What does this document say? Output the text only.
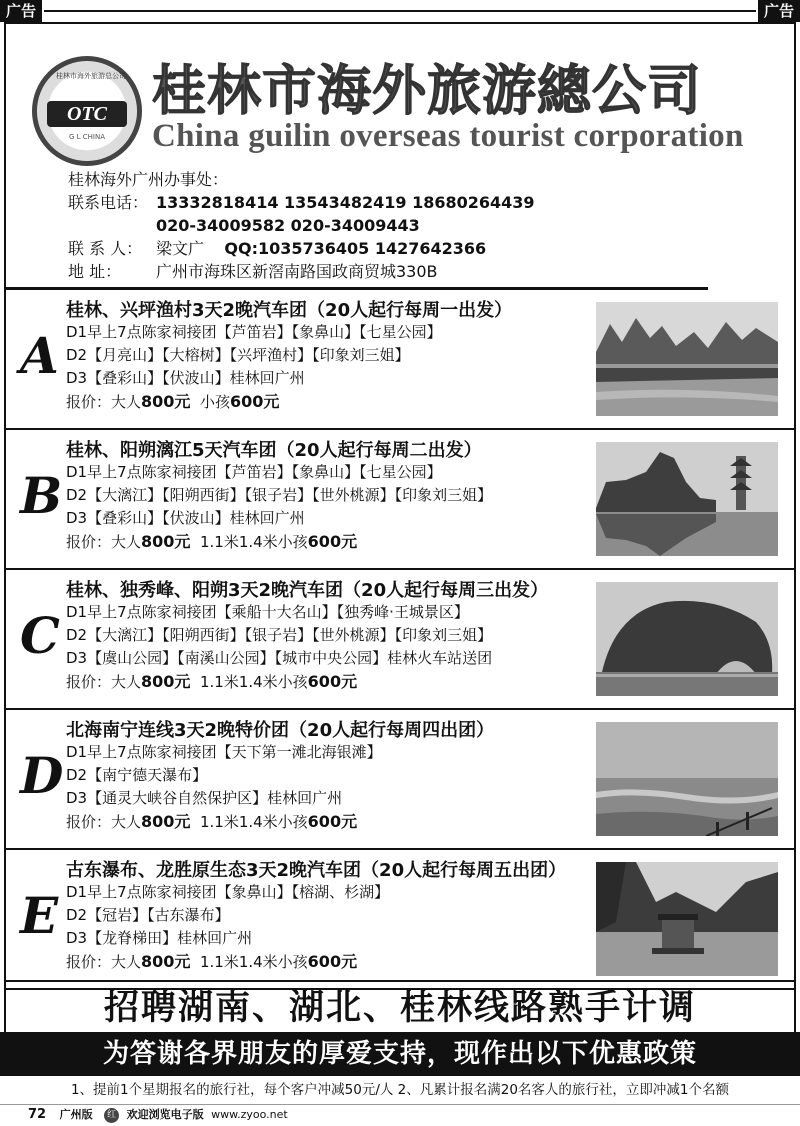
广告	广告
桂林市海外旅游总公司
OTC
G L CHINA
桂林市海外旅游總公司
China guilin overseas tourist corporation
桂林海外广州办事处：
联系电话： 13332818414 13543482419 18680264439
020-34009582 020-34009443
联 系 人： 梁文广 QQ:1035736405 1427642366
地 址： 广州市海珠区新滘南路国政商贸城330B
A
桂林、兴坪渔村3天2晚汽车团（20人起行每周一出发）
D1早上7点陈家祠接团【芦笛岩】【象鼻山】【七星公园】
D2【月亮山】【大榕树】【兴坪渔村】【印象刘三姐】
D3【叠彩山】【伏波山】桂林回广州
报价：大人800元  小孩600元
B
桂林、阳朔漓江5天汽车团（20人起行每周二出发）
D1早上7点陈家祠接团【芦笛岩】【象鼻山】【七星公园】
D2【大漓江】【阳朔西街】【银子岩】【世外桃源】【印象刘三姐】
D3【叠彩山】【伏波山】桂林回广州
报价：大人800元  1.1米1.4米小孩600元
C
桂林、独秀峰、阳朔3天2晚汽车团（20人起行每周三出发）
D1早上7点陈家祠接团【乘船十大名山】【独秀峰·王城景区】
D2【大漓江】【阳朔西街】【银子岩】【世外桃源】【印象刘三姐】
D3【虞山公园】【南溪山公园】【城市中央公园】桂林火车站送团
报价：大人800元  1.1米1.4米小孩600元
D
北海南宁连线3天2晚特价团（20人起行每周四出团）
D1早上7点陈家祠接团【天下第一滩北海银滩】
D2【南宁德天瀑布】
D3【通灵大峡谷自然保护区】桂林回广州
报价：大人800元  1.1米1.4米小孩600元
E
古东瀑布、龙胜原生态3天2晚汽车团（20人起行每周五出团）
D1早上7点陈家祠接团【象鼻山】【榕湖、杉湖】
D2【冠岩】【古东瀑布】
D3【龙脊梯田】桂林回广州
报价：大人800元  1.1米1.4米小孩600元
招聘湖南、湖北、桂林线路熟手计调
为答谢各界朋友的厚爱支持，现作出以下优惠政策
1、提前1个星期报名的旅行社，每个客户冲减50元/人 2、凡累计报名满20名客人的旅行社，立即冲减1个名额
72 广州版 红 欢迎浏览电子版 www.zyoo.net
